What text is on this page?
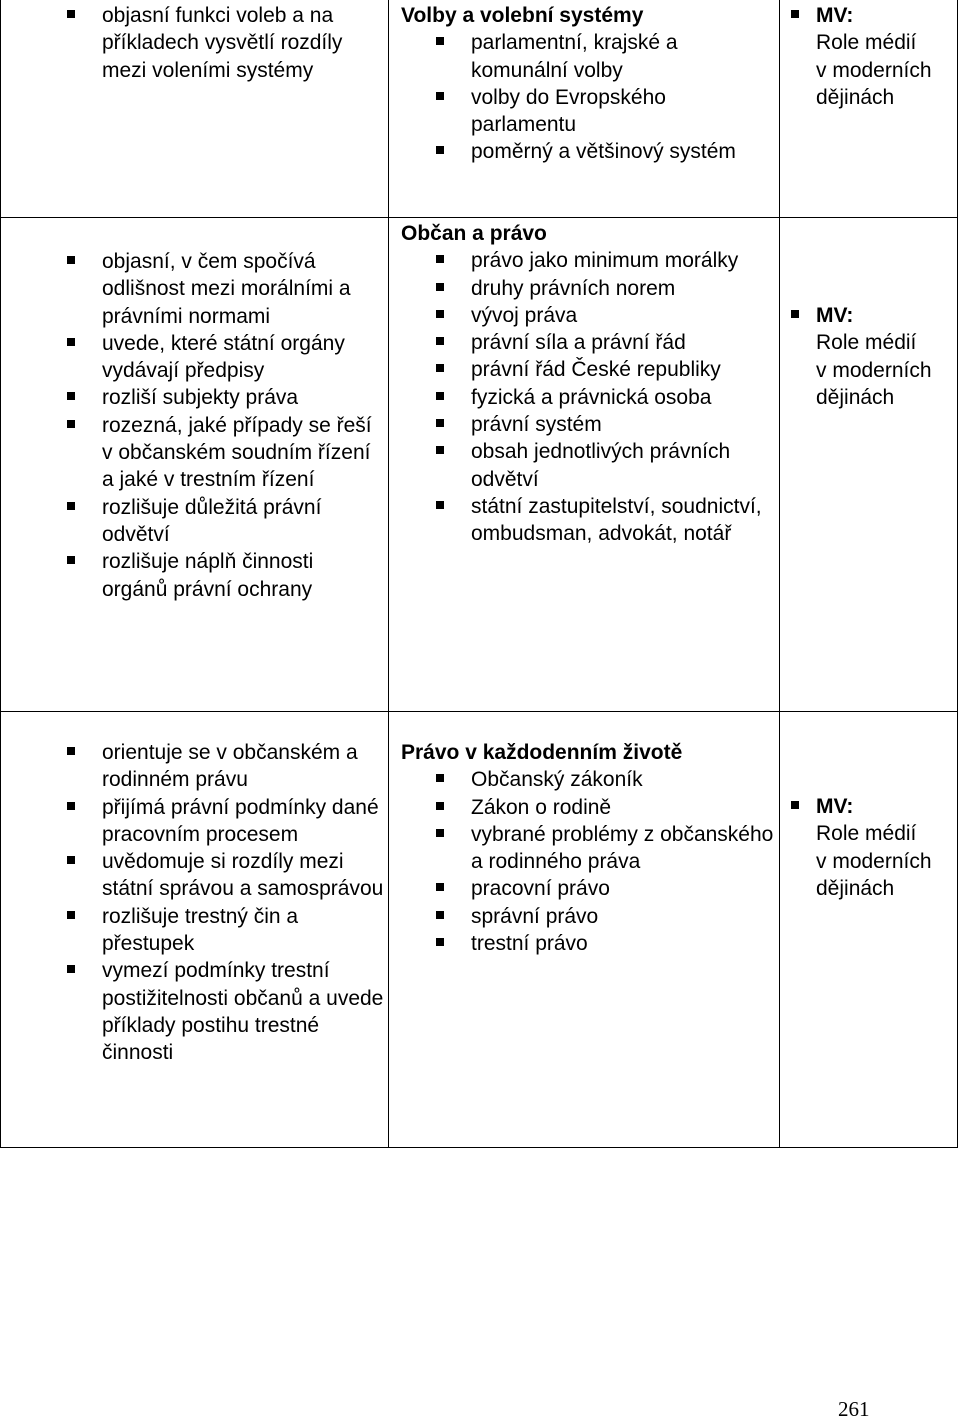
objasní funkci voleb a na příkladech vysvětlí rozdíly mezi voleními systémy
Volby a volební systémy
parlamentní, krajské a komunální volby
volby do Evropského parlamentu
poměrný a většinový systém
MV:
Role médií
v moderních
dějinách
objasní, v čem spočívá odlišnost mezi morálními a právními normami
uvede, které státní orgány vydávají předpisy
rozliší subjekty práva
rozezná, jaké případy se řeší v občanském soudním řízení a jaké v trestním řízení
rozlišuje důležitá právní odvětví
rozlišuje náplň činnosti orgánů právní ochrany
Občan a právo
právo jako minimum morálky
druhy právních norem
vývoj práva
právní síla a právní řád
právní řád České republiky
fyzická a právnická osoba
právní systém
obsah jednotlivých právních odvětví
státní zastupitelství, soudnictví, ombudsman, advokát, notář
MV:
Role médií
v moderních
dějinách
orientuje se v občanském a rodinném právu
přijímá právní podmínky dané pracovním procesem
uvědomuje si rozdíly mezi státní správou a samosprávou
rozlišuje trestný čin a přestupek
vymezí podmínky trestní postižitelnosti občanů a uvede příklady postihu trestné činnosti
Právo v každodenním životě
Občanský zákoník
Zákon o rodině
vybrané problémy z občanského a rodinného práva
pracovní právo
správní právo
trestní právo
MV:
Role médií
v moderních
dějinách
261
